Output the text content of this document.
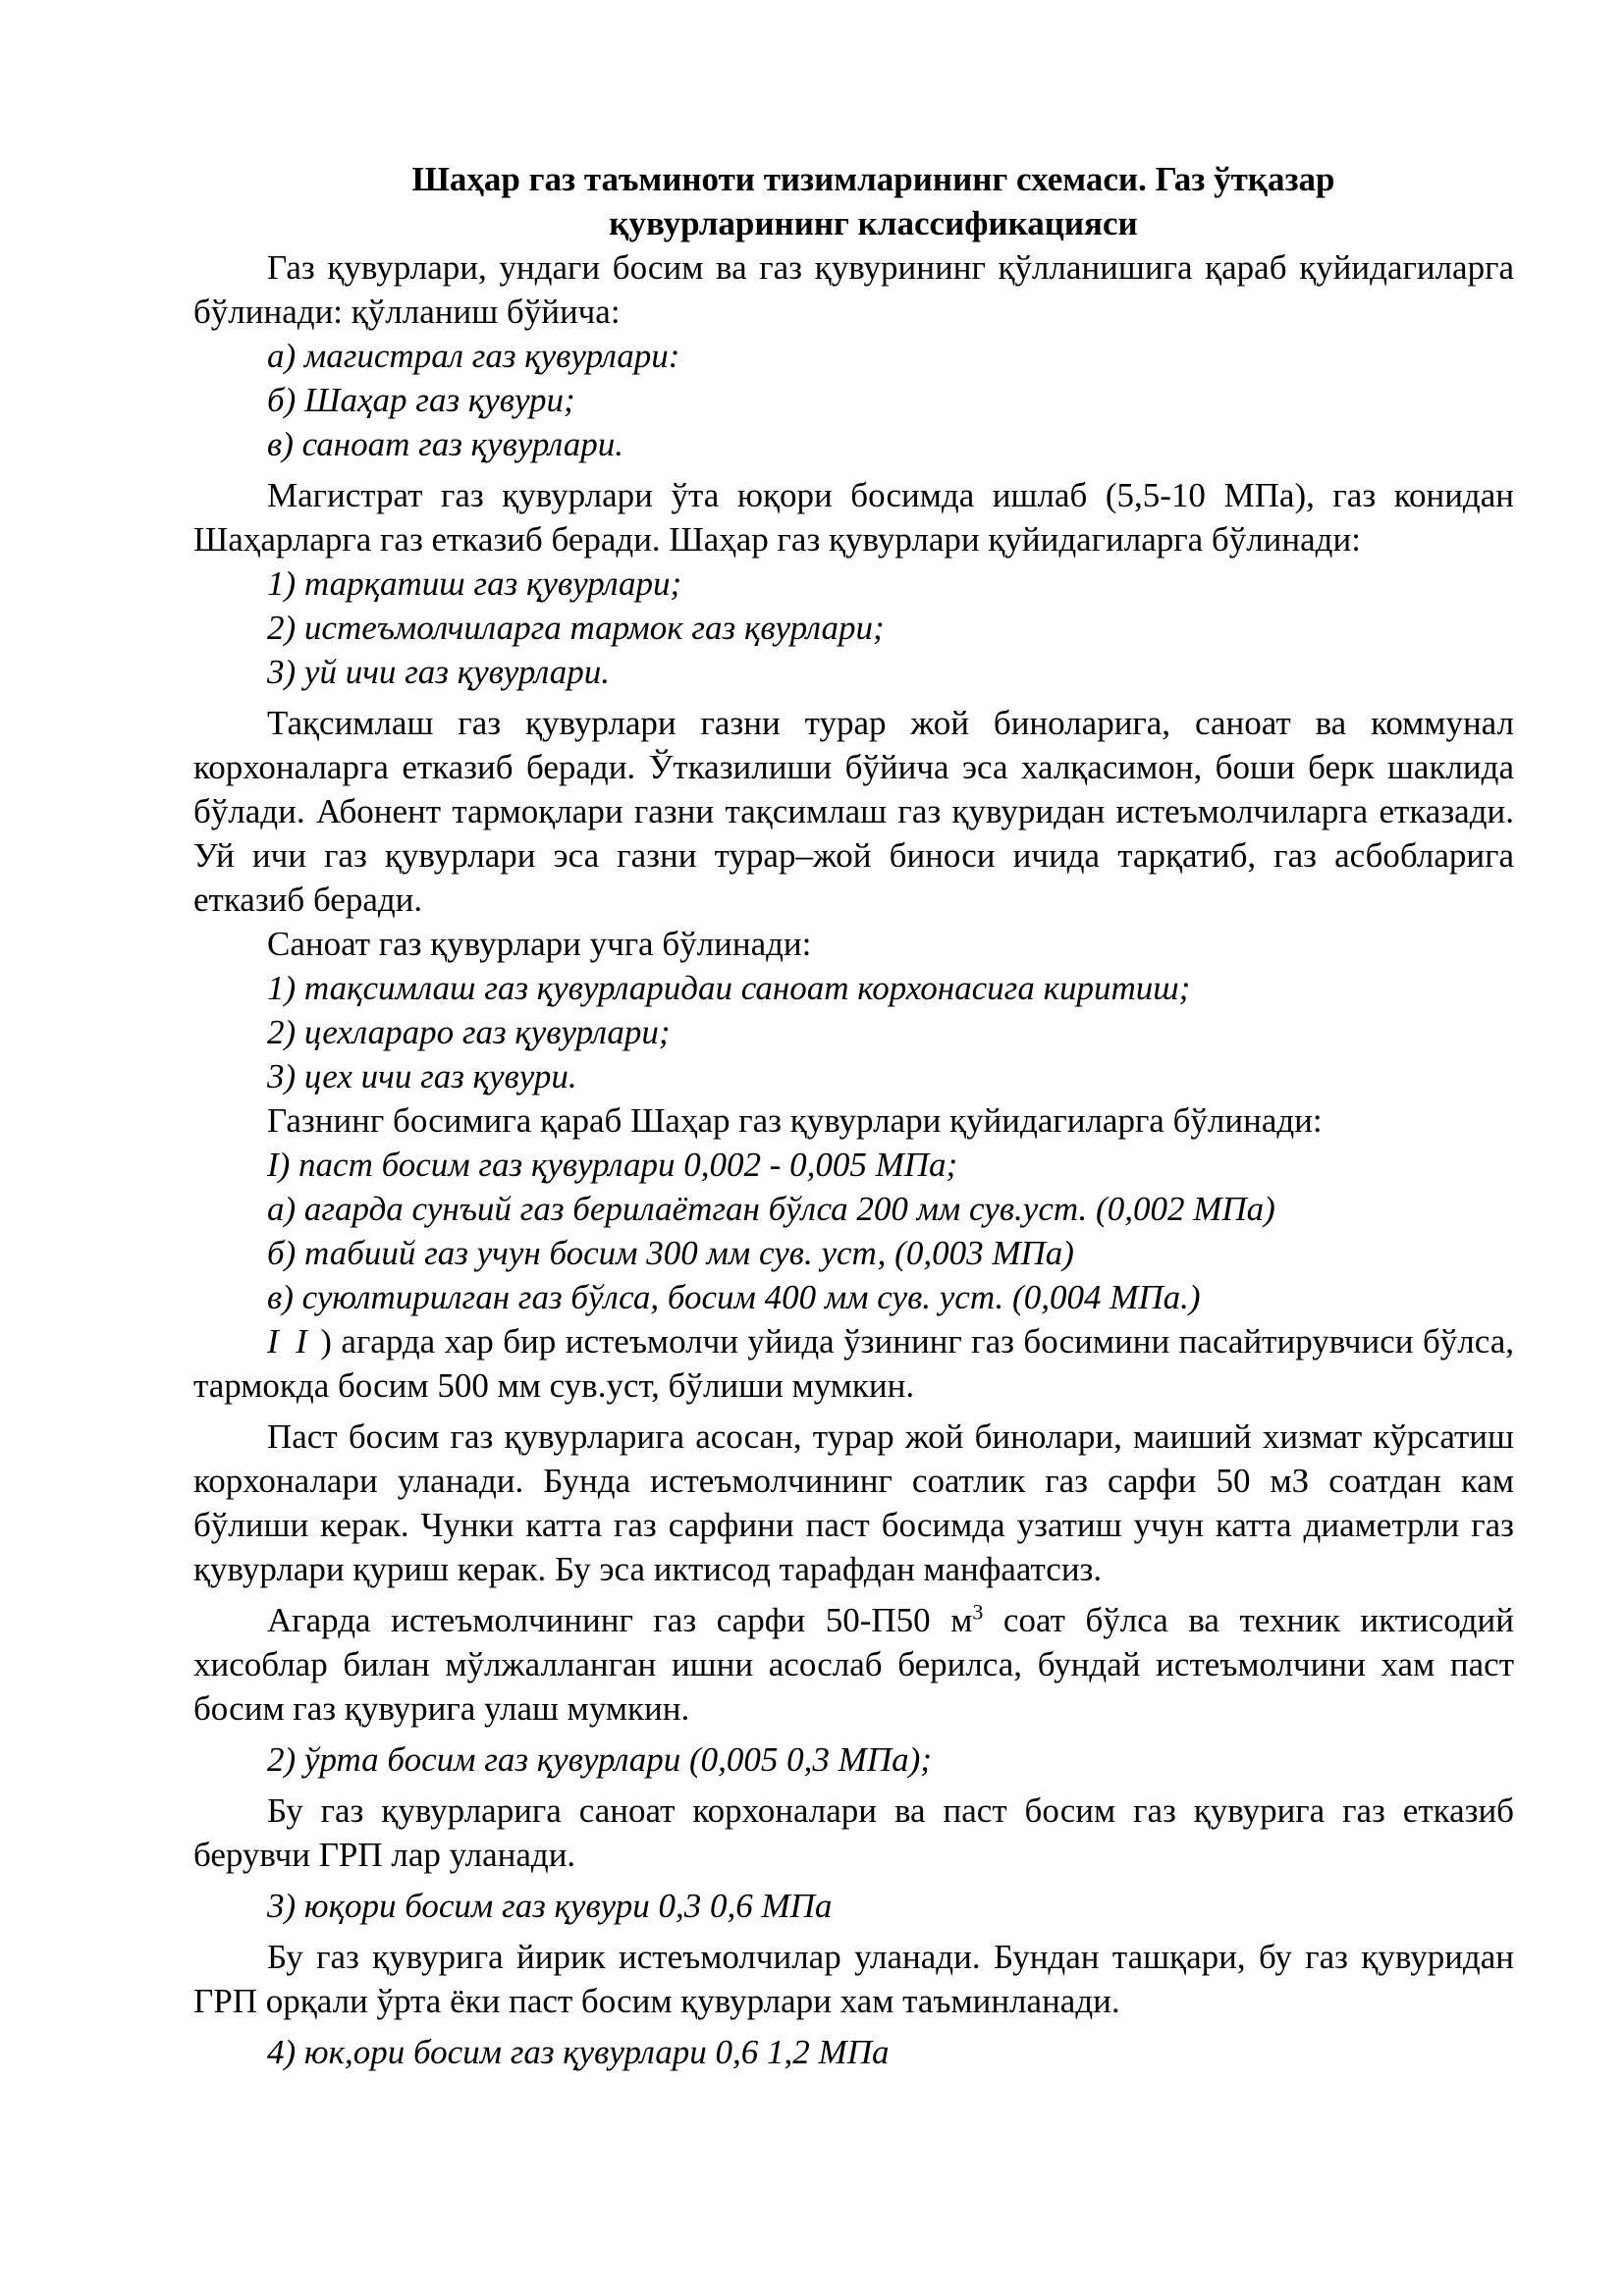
Шаҳар газ таъминоти тизимларининг схемаси. Газ ўтқазар
қувурларининг классификацияси

Газ қувурлари, ундаги босим ва газ қувурининг қўлланишига қараб қуйидагиларга бўлинади: қўлланиш бўйича:

а) магистрал газ қувурлари:

б) Шаҳар газ қувури;

в) саноат газ қувурлари.

Магистрат газ қувурлари ўта юқори босимда ишлаб (5,5-10 МПа), газ конидан Шаҳарларга газ етказиб беради. Шаҳар газ қувурлари қуйидагиларга бўлинади:

1) тарқатиш газ қувурлари;

2) истеъмолчиларга тармок газ қвурлари;

3) уй ичи газ қувурлари.

Тақсимлаш газ қувурлари газни турар жой биноларига, саноат ва коммунал корхоналарга етказиб беради. Ўтказилиши бўйича эса халқасимон, боши берк шаклида бўлади. Абонент тармоқлари газни тақсимлаш газ қувуридан истеъмолчиларга етказади. Уй ичи газ қувурлари эса газни турар–жой биноси ичида тарқатиб, газ асбобларига етказиб беради.

Саноат газ қувурлари учга бўлинади:

1) тақсимлаш газ қувурларидаи саноат корхонасига киритиш;

2) цехлараро газ қувурлари;

3) цех ичи газ қувури.

Газнинг босимига қараб Шаҳар газ қувурлари қуйидагиларга бўлинади:

I) паст босим газ қувурлари 0,002 - 0,005 МПа;

а) агарда сунъий газ берилаётган бўлса 200 мм сув.уст. (0,002 МПа)

б) табиий газ учун босим 300 мм сув. уст, (0,003 МПа)

в) суюлтирилган газ бўлса, босим 400 мм сув. уст. (0,004 МПа.)

I I ) агарда хар бир истеъмолчи уйида ўзининг газ босимини пасайтирувчиси бўлса, тармокда босим 500 мм сув.уст, бўлиши мумкин.

Паст босим газ қувурларига асосан, турар жой бинолари, маиший хизмат кўрсатиш корхоналари уланади. Бунда истеъмолчининг соатлик газ сарфи 50 мЗ соатдан кам бўлиши керак. Чунки катта газ сарфини паст босимда узатиш учун катта диаметрли газ қувурлари қуриш керак. Бу эса иктисод тарафдан манфаатсиз.

Агарда истеъмолчининг газ сарфи 50-П50 $м^3$ соат бўлса ва техник иктисодий хисоблар билан мўлжалланган ишни асослаб берилса, бундай истеъмолчини хам паст босим газ қувурига улаш мумкин.

2) ўрта босим газ қувурлари (0,005 0,3 МПа);

Бу газ қувурларига саноат корхоналари ва паст босим газ қувурига газ етказиб берувчи ГРП лар уланади.

3) юқори босим газ қувури 0,3 0,6 МПа

Бу газ қувурига йирик истеъмолчилар уланади. Бундан ташқари, бу газ қувуридан ГРП орқали ўрта ёки паст босим қувурлари хам таъминланади.

4) юк,ори босим газ қувурлари 0,6 1,2 МПа
